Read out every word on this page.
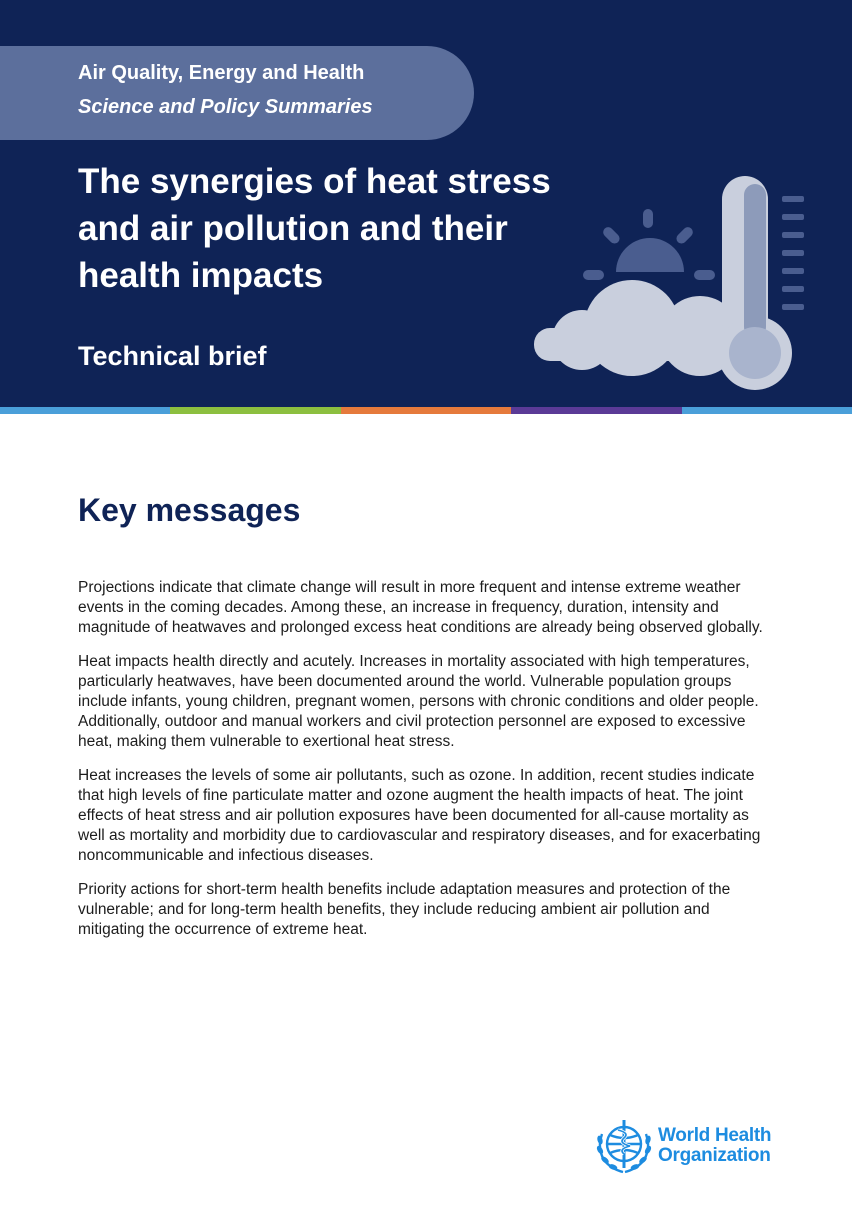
Air Quality, Energy and Health
Science and Policy Summaries
The synergies of heat stress
and air pollution and their
health impacts
Technical brief
Key messages

Projections indicate that climate change will result in more frequent and intense extreme weather events in the coming decades. Among these, an increase in frequency, duration, intensity and magnitude of heatwaves and prolonged excess heat conditions are already being observed globally.

Heat impacts health directly and acutely. Increases in mortality associated with high temperatures, particularly heatwaves, have been documented around the world. Vulnerable population groups include infants, young children, pregnant women, persons with chronic conditions and older people. Additionally, outdoor and manual workers and civil protection personnel are exposed to excessive heat, making them vulnerable to exertional heat stress.

Heat increases the levels of some air pollutants, such as ozone. In addition, recent studies indicate that high levels of fine particulate matter and ozone augment the health impacts of heat. The joint effects of heat stress and air pollution exposures have been documented for all-cause mortality as well as mortality and morbidity due to cardiovascular and respiratory diseases, and for exacerbating noncommunicable and infectious diseases.

Priority actions for short-term health benefits include adaptation measures and protection of the vulnerable; and for long-term health benefits, they include reducing ambient air pollution and mitigating the occurrence of extreme heat.

World Health
Organization
